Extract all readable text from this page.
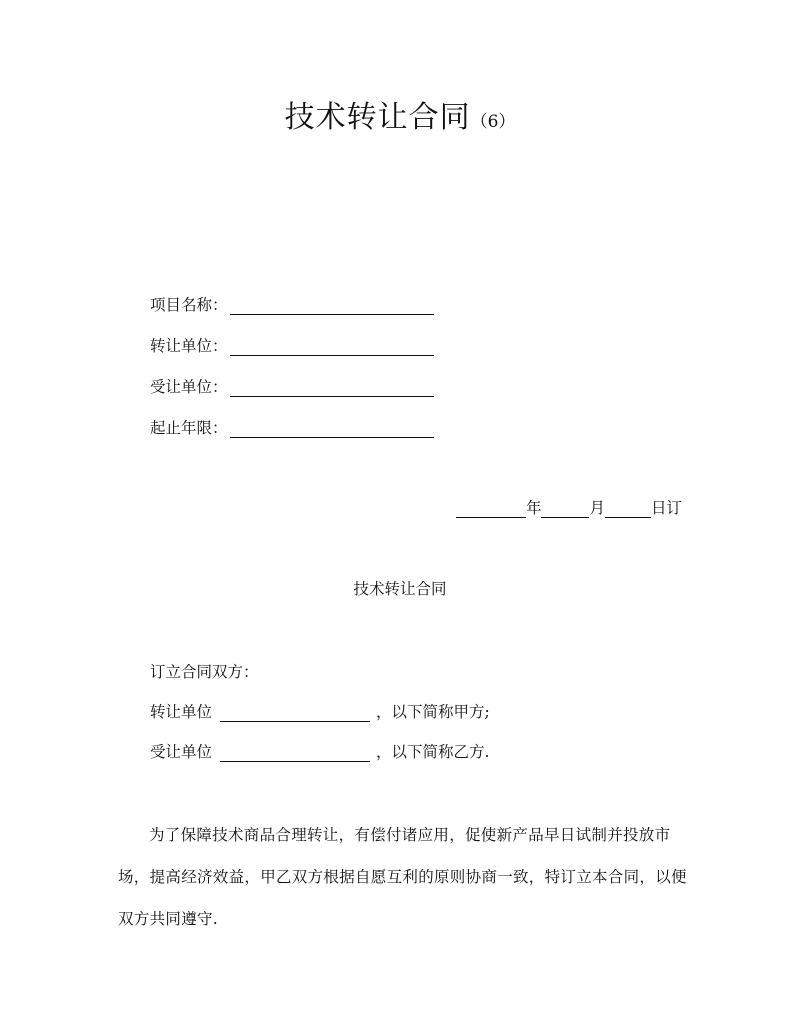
技术转让合同（6）
项目名称：
转让单位：
受让单位：
起止年限：
年	月	日订
技术转让合同
订立合同双方：
转让单位	，以下简称甲方;
受让单位	，以下简称乙方.
为了保障技术商品合理转让，有偿付诸应用，促使新产品早日试制并投放市场，提高经济效益，甲乙双方根据自愿互利的原则协商一致，特订立本合同，以便双方共同遵守.
